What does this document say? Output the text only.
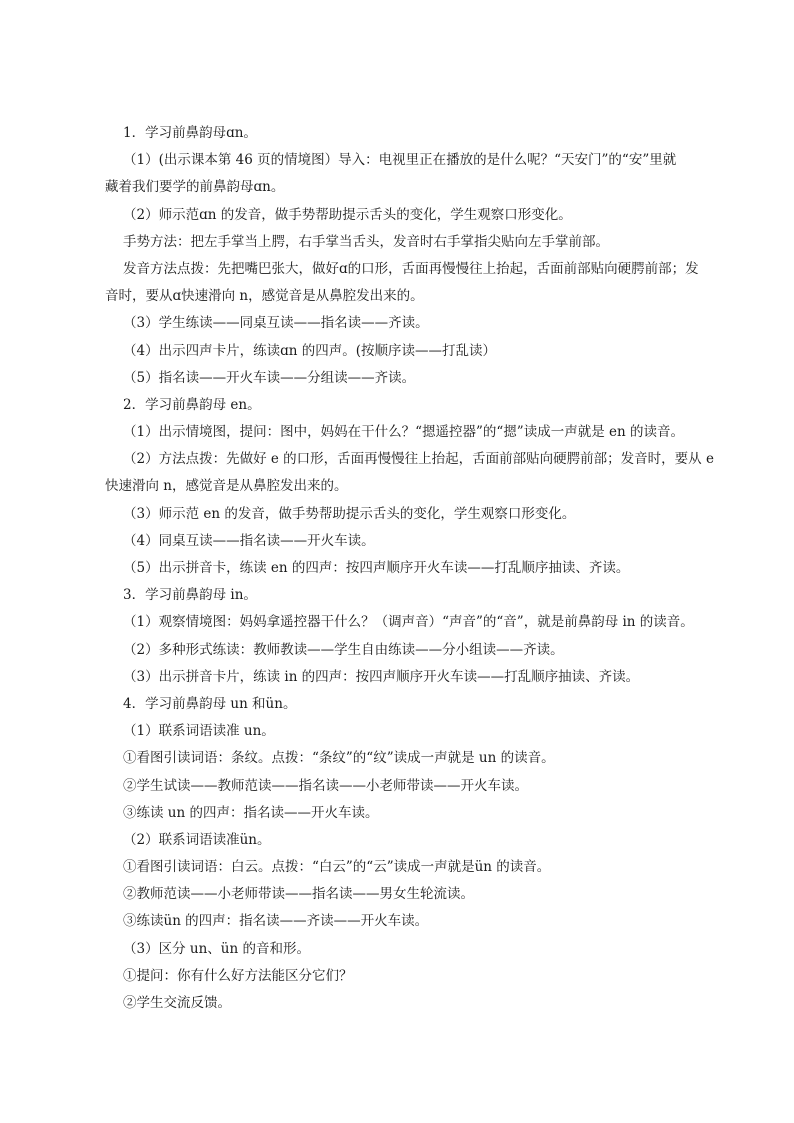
1．学习前鼻韵母ɑn。
（1）(出示课本第 46 页的情境图）导入：电视里正在播放的是什么呢？“天安门”的“安”里就
藏着我们要学的前鼻韵母ɑn。
（2）师示范ɑn 的发音，做手势帮助提示舌头的变化，学生观察口形变化。
手势方法：把左手掌当上腭，右手掌当舌头，发音时右手掌指尖贴向左手掌前部。
发音方法点拨：先把嘴巴张大，做好ɑ的口形，舌面再慢慢往上抬起，舌面前部贴向硬腭前部；发
音时，要从ɑ快速滑向 n，感觉音是从鼻腔发出来的。
（3）学生练读——同桌互读——指名读——齐读。
（4）出示四声卡片，练读ɑn 的四声。(按顺序读——打乱读）
（5）指名读——开火车读——分组读——齐读。
2．学习前鼻韵母 en。
（1）出示情境图，提问：图中，妈妈在干什么？“摁遥控器”的“摁”读成一声就是 en 的读音。
（2）方法点拨：先做好 e 的口形，舌面再慢慢往上抬起，舌面前部贴向硬腭前部；发音时，要从 e
快速滑向 n，感觉音是从鼻腔发出来的。
（3）师示范 en 的发音，做手势帮助提示舌头的变化，学生观察口形变化。
（4）同桌互读——指名读——开火车读。
（5）出示拼音卡，练读 en 的四声：按四声顺序开火车读——打乱顺序抽读、齐读。
3．学习前鼻韵母 in。
（1）观察情境图：妈妈拿遥控器干什么？（调声音）“声音”的“音”，就是前鼻韵母 in 的读音。
（2）多种形式练读：教师教读——学生自由练读——分小组读——齐读。
（3）出示拼音卡片，练读 in 的四声：按四声顺序开火车读——打乱顺序抽读、齐读。
4．学习前鼻韵母 un 和ün。
（1）联系词语读准 un。
①看图引读词语：条纹。点拨：“条纹”的“纹”读成一声就是 un 的读音。
②学生试读——教师范读——指名读——小老师带读——开火车读。
③练读 un 的四声：指名读——开火车读。
（2）联系词语读准ün。
①看图引读词语：白云。点拨：“白云”的“云”读成一声就是ün 的读音。
②教师范读——小老师带读——指名读——男女生轮流读。
③练读ün 的四声：指名读——齐读——开火车读。
（3）区分 un、ün 的音和形。
①提问：你有什么好方法能区分它们？
②学生交流反馈。
